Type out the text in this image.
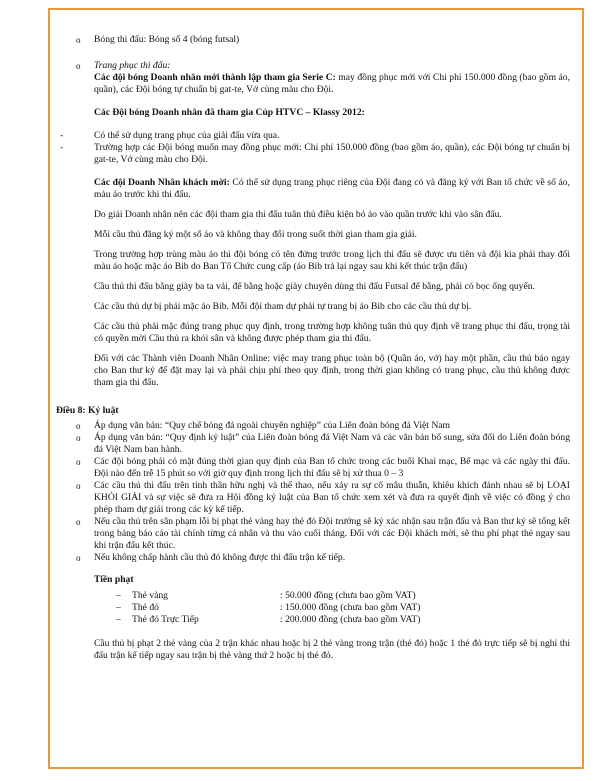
o Bóng thi đấu: Bóng số 4 (bóng futsal)

o Trang phục thi đấu:

Các đội bóng Doanh nhân mới thành lập tham gia Serie C: may đồng phục mới với Chi phí 150.000 đồng (bao gồm áo, quần), các Đội bóng tự chuẩn bị gat-te, Vớ cùng màu cho Đội.

Các Đội bóng Doanh nhân đã tham gia Cúp HTVC – Klassy 2012:

-	Có thể sử dụng trang phục của giải đấu vừa qua.

-	Trường hợp các Đội bóng muốn may đồng phục mới: Chi phí 150.000 đồng (bao gồm áo, quần), các Đội bóng tự chuẩn bị gat-te, Vớ cùng màu cho Đội.

Các đội Doanh Nhân khách mời: Có thể sử dụng trang phục riêng của Đội đang có và đăng ký với Ban tổ chức về số áo, màu áo trước khi thi đấu.

Do giải Doanh nhân nên các đội tham gia thi đấu tuân thủ điều kiện bỏ áo vào quần trước khi vào sân đấu.

Mỗi cầu thủ đăng ký một số áo và không thay đổi trong suốt thời gian tham gia giải.

Trong trường hợp trùng màu áo thì đội bóng có tên đứng trước trong lịch thi đấu sẽ được ưu tiên và đội kia phải thay đổi màu áo hoặc mặc áo Bib do Ban Tổ Chức cung cấp (áo Bib trả lại ngay sau khi kết thúc trận đấu)

Cầu thủ thi đấu bằng giày ba ta vải, đế bằng hoặc giày chuyên dùng thi đấu Futsal đế bằng, phải có bọc ống quyển.

Các cầu thủ dự bị phải mặc áo Bib. Mỗi đội tham dự phải tự trang bị áo Bib cho các cầu thủ dự bị.

Các cầu thủ phải mặc đúng trang phục quy định, trong trường hợp không tuân thủ quy định về trang phục thi đấu, trọng tài có quyền mời Cầu thủ ra khỏi sân và không được phép tham gia thi đấu.

Đối với các Thành viên Doanh Nhân Online: việc may trang phục toàn bộ (Quần áo, vớ) hay một phần, cầu thủ báo ngay cho Ban thư ký để đặt may lại và phải chịu phí theo quy định, trong thời gian không có trang phục, cầu thủ không được tham gia thi đấu.

Điều 8: Kỷ luật

o Áp dụng văn bản: “Quy chế bóng đá ngoài chuyên nghiệp” của Liên đoàn bóng đá Việt Nam

o Áp dụng văn bản: “Quy định kỷ luật” của Liên đoàn bóng đá Việt Nam và các văn bản bổ sung, sửa đổi do Liên đoàn bóng đá Việt Nam ban hành.

o Các đội bóng phải có mặt đúng thời gian quy định của Ban tổ chức trong các buổi Khai mạc, Bế mạc và các ngày thi đấu. Đội nào đến trễ 15 phút so với giờ quy định trong lịch thi đấu sẽ bị xử thua 0 – 3

o Các cầu thủ thi đấu trên tinh thần hữu nghị và thể thao, nếu xảy ra sự cố mâu thuẫn, khiêu khích đánh nhau sẽ bị LOẠI KHỎI GIẢI và sự việc sẽ đưa ra Hội đồng kỷ luật của Ban tổ chức xem xét và đưa ra quyết định về việc có đồng ý cho phép tham dự giải trong các kỳ kế tiếp.

o Nếu cầu thủ trên sân phạm lỗi bị phạt thẻ vàng hay thẻ đỏ Đội trưởng sẽ ký xác nhận sau trận đấu và Ban thư ký sẽ tổng kết trong bảng báo cáo tài chính từng cá nhân và thu vào cuối tháng. Đối với các Đội khách mời, sẽ thu phí phạt thẻ ngay sau khi trận đấu kết thúc.

o Nếu không chấp hành cầu thủ đó không được thi đấu trận kế tiếp.

Tiền phạt

–	Thẻ vàng	: 50.000 đồng (chưa bao gồm VAT)
–	Thẻ đỏ	: 150.000 đồng (chưa bao gồm VAT)
–	Thẻ đỏ Trực Tiếp	: 200.000 đồng (chưa bao gồm VAT)

Cầu thủ bị phạt 2 thẻ vàng của 2 trận khác nhau hoặc bị 2 thẻ vàng trong trận (thẻ đỏ) hoặc 1 thẻ đỏ trực tiếp sẽ bị nghỉ thi đấu trận kế tiếp ngay sau trận bị thẻ vàng thứ 2 hoặc bị thẻ đỏ.
